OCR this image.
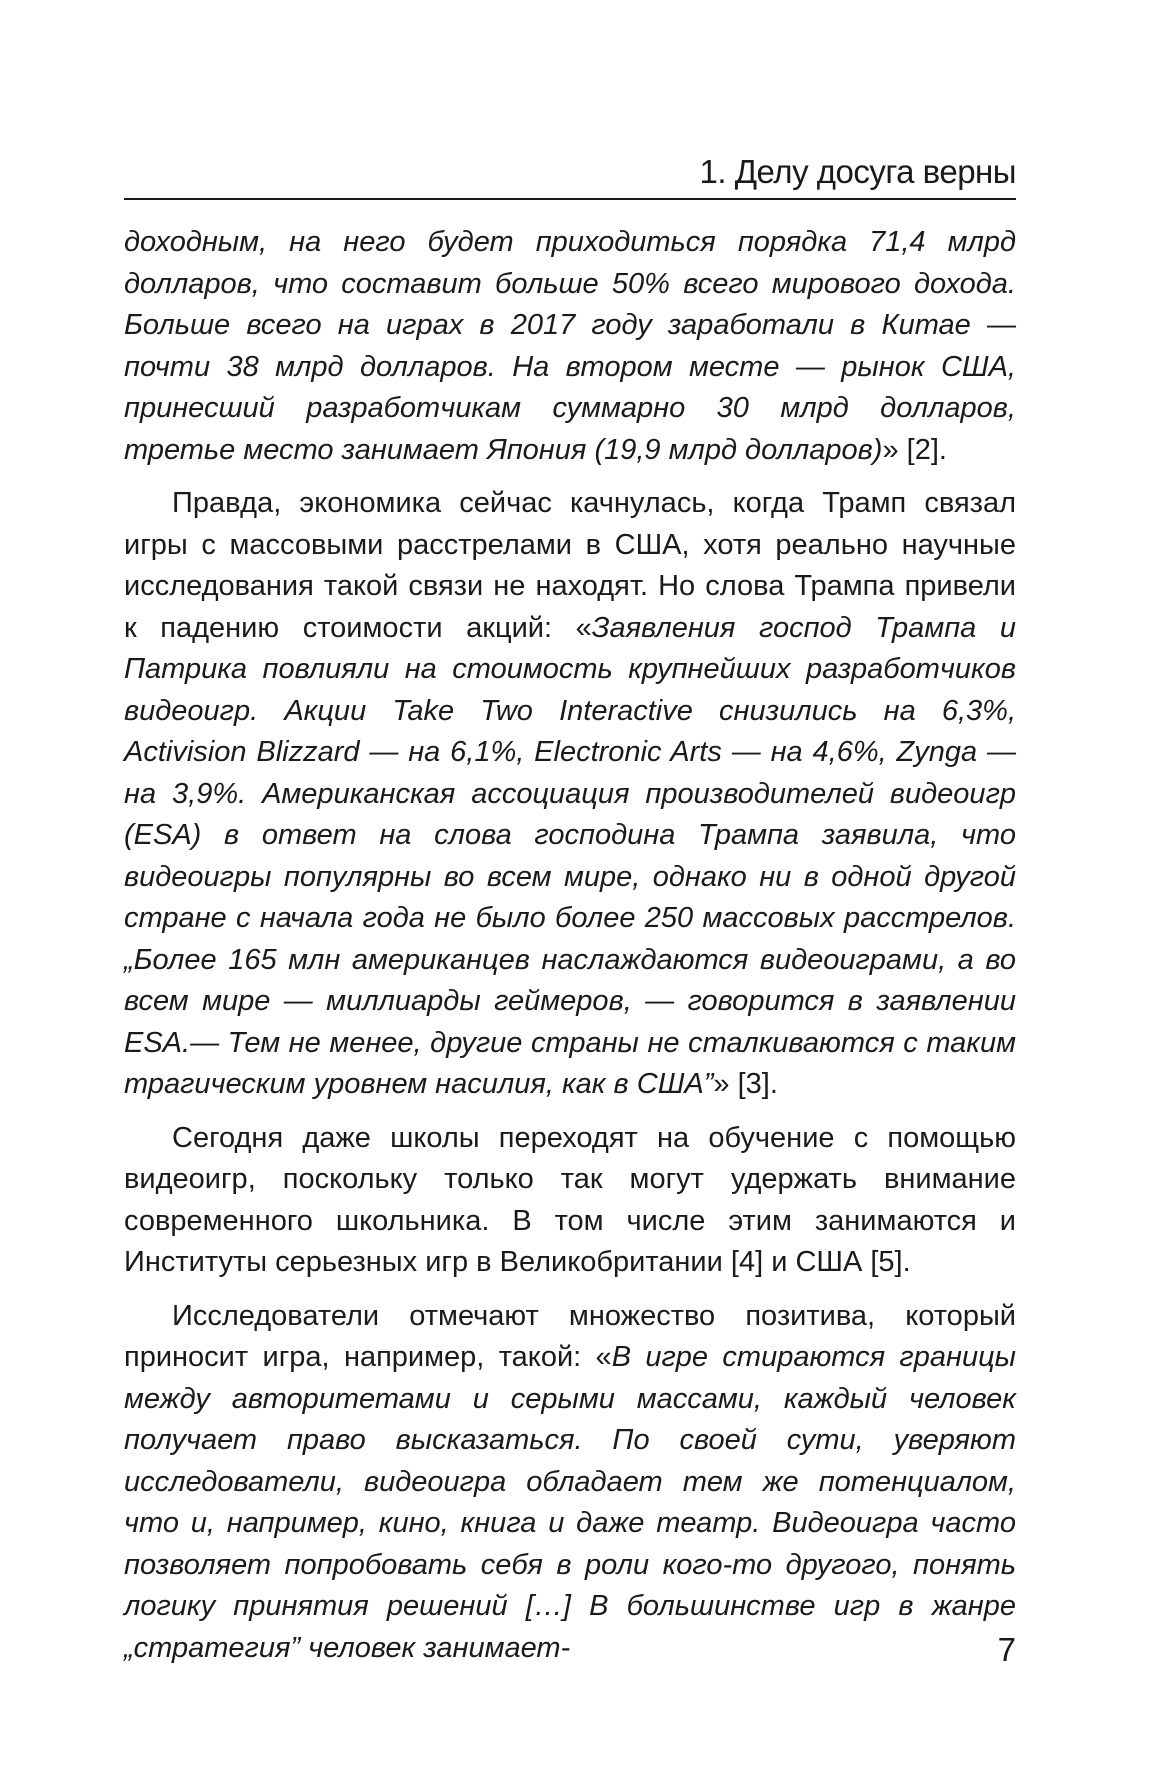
1. Делу досуга верны

доходным, на него будет приходиться порядка 71,4 млрд долларов, что составит больше 50% всего мирового дохода. Больше всего на играх в 2017 году заработали в Китае — почти 38 млрд долларов. На втором месте — рынок США, принесший разработчикам суммарно 30 млрд долларов, третье место занимает Япония (19,9 млрд долларов)» [2].

Правда, экономика сейчас качнулась, когда Трамп связал игры с массовыми расстрелами в США, хотя реально научные исследования такой связи не находят. Но слова Трампа привели к падению стоимости акций: «Заявления господ Трампа и Патрика повлияли на стоимость крупнейших разработчиков видеоигр. Акции Take Two Interactive снизились на 6,3%, Activision Blizzard — на 6,1%, Electronic Arts — на 4,6%, Zynga — на 3,9%. Американская ассоциация производителей видеоигр (ESA) в ответ на слова господина Трампа заявила, что видеоигры популярны во всем мире, однако ни в одной другой стране с начала года не было более 250 массовых расстрелов. „Более 165 млн американцев наслаждаются видеоиграми, а во всем мире — миллиарды геймеров, — говорится в заявлении ESA.— Тем не менее, другие страны не сталкиваются с таким трагическим уровнем насилия, как в США”» [3].

Сегодня даже школы переходят на обучение с помощью видеоигр, поскольку только так могут удержать внимание современного школьника. В том числе этим занимаются и Институты серьезных игр в Великобритании [4] и США [5].

Исследователи отмечают множество позитива, который приносит игра, например, такой: «В игре стираются границы между авторитетами и серыми массами, каждый человек получает право высказаться. По своей сути, уверяют исследователи, видеоигра обладает тем же потенциалом, что и, например, кино, книга и даже театр. Видеоигра часто позволяет попробовать себя в роли кого-то другого, понять логику принятия решений […] В большинстве игр в жанре „стратегия” человек занимает-	7
